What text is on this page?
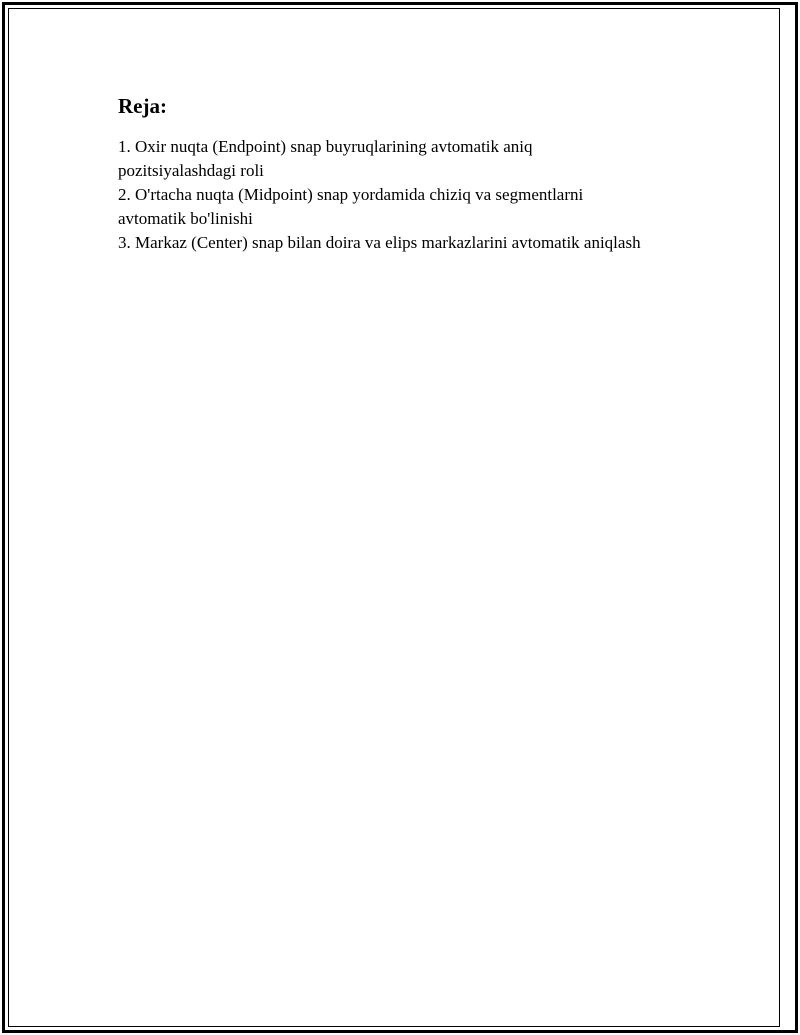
Reja:
1. Oxir nuqta (Endpoint) snap buyruqlarining avtomatik aniq pozitsiyalashdagi roli
2. O'rtacha nuqta (Midpoint) snap yordamida chiziq va segmentlarni avtomatik bo'linishi
3. Markaz (Center) snap bilan doira va elips markazlarini avtomatik aniqlash
